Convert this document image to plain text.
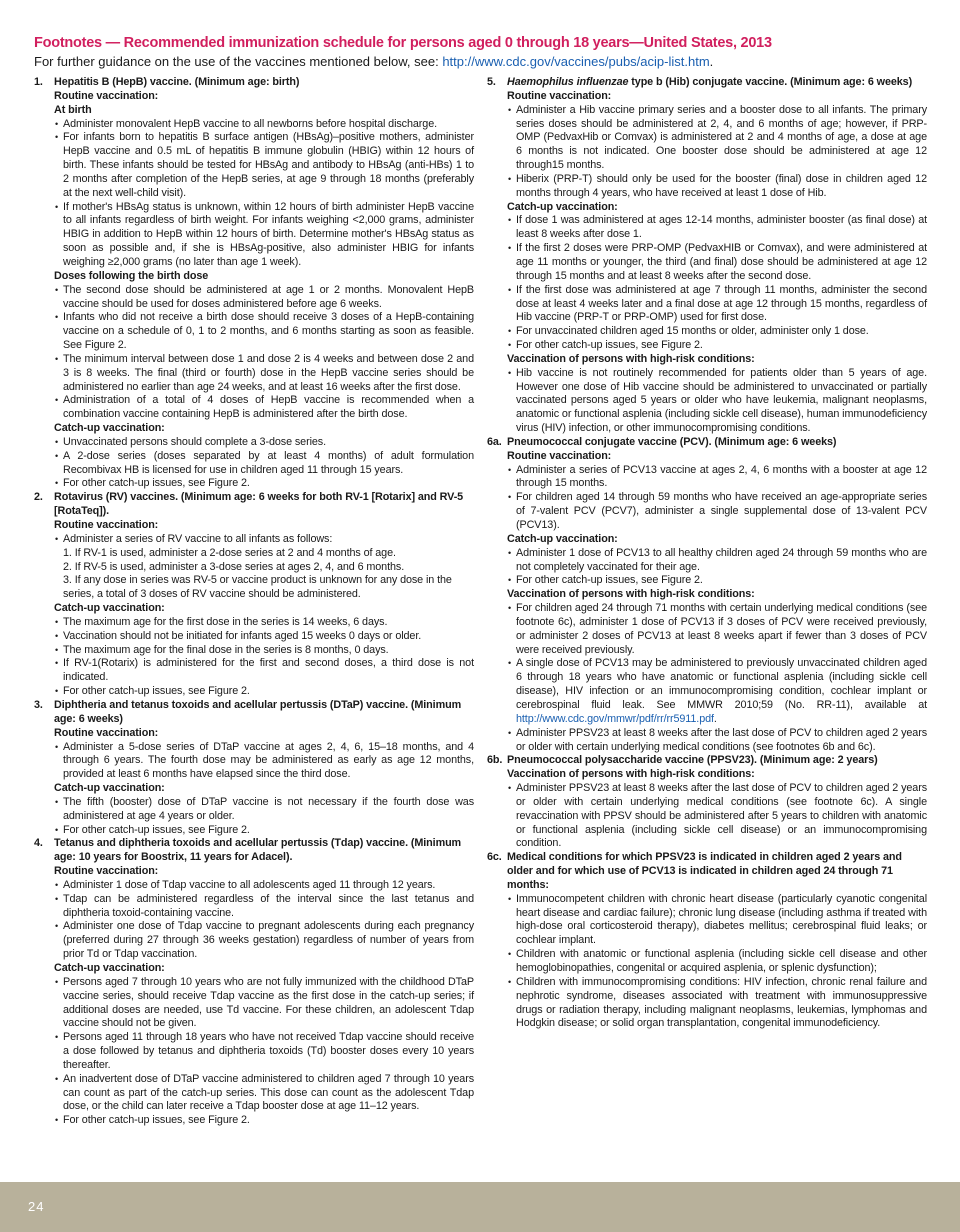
Footnotes — Recommended immunization schedule for persons aged 0 through 18 years—United States, 2013
For further guidance on the use of the vaccines mentioned below, see: http://www.cdc.gov/vaccines/pubs/acip-list.htm.
1. Hepatitis B (HepB) vaccine. (Minimum age: birth)
Routine vaccination:
At birth
• Administer monovalent HepB vaccine to all newborns before hospital discharge.
• For infants born to hepatitis B surface antigen (HBsAg)–positive mothers, administer HepB vaccine and 0.5 mL of hepatitis B immune globulin (HBIG) within 12 hours of birth. These infants should be tested for HBsAg and antibody to HBsAg (anti-HBs) 1 to 2 months after completion of the HepB series, at age 9 through 18 months (preferably at the next well-child visit).
• If mother's HBsAg status is unknown, within 12 hours of birth administer HepB vaccine to all infants regardless of birth weight. For infants weighing <2,000 grams, administer HBIG in addition to HepB within 12 hours of birth. Determine mother's HBsAg status as soon as possible and, if she is HBsAg-positive, also administer HBIG for infants weighing ≥2,000 grams (no later than age 1 week).
Doses following the birth dose
• The second dose should be administered at age 1 or 2 months. Monovalent HepB vaccine should be used for doses administered before age 6 weeks.
• Infants who did not receive a birth dose should receive 3 doses of a HepB-containing vaccine on a schedule of 0, 1 to 2 months, and 6 months starting as soon as feasible. See Figure 2.
• The minimum interval between dose 1 and dose 2 is 4 weeks and between dose 2 and 3 is 8 weeks. The final (third or fourth) dose in the HepB vaccine series should be administered no earlier than age 24 weeks, and at least 16 weeks after the first dose.
• Administration of a total of 4 doses of HepB vaccine is recommended when a combination vaccine containing HepB is administered after the birth dose.
Catch-up vaccination:
• Unvaccinated persons should complete a 3-dose series.
• A 2-dose series (doses separated by at least 4 months) of adult formulation Recombivax HB is licensed for use in children aged 11 through 15 years.
• For other catch-up issues, see Figure 2.
2. Rotavirus (RV) vaccines. (Minimum age: 6 weeks for both RV-1 [Rotarix] and RV-5 [RotaTeq]).
Routine vaccination:
• Administer a series of RV vaccine to all infants as follows:
1. If RV-1 is used, administer a 2-dose series at 2 and 4 months of age.
2. If RV-5 is used, administer a 3-dose series at ages 2, 4, and 6 months.
3. If any dose in series was RV-5 or vaccine product is unknown for any dose in the series, a total of 3 doses of RV vaccine should be administered.
Catch-up vaccination:
• The maximum age for the first dose in the series is 14 weeks, 6 days.
• Vaccination should not be initiated for infants aged 15 weeks 0 days or older.
• The maximum age for the final dose in the series is 8 months, 0 days.
• If RV-1(Rotarix) is administered for the first and second doses, a third dose is not indicated.
• For other catch-up issues, see Figure 2.
3. Diphtheria and tetanus toxoids and acellular pertussis (DTaP) vaccine. (Minimum age: 6 weeks)
Routine vaccination:
• Administer a 5-dose series of DTaP vaccine at ages 2, 4, 6, 15–18 months, and 4 through 6 years. The fourth dose may be administered as early as age 12 months, provided at least 6 months have elapsed since the third dose.
Catch-up vaccination:
• The fifth (booster) dose of DTaP vaccine is not necessary if the fourth dose was administered at age 4 years or older.
• For other catch-up issues, see Figure 2.
4. Tetanus and diphtheria toxoids and acellular pertussis (Tdap) vaccine. (Minimum age: 10 years for Boostrix, 11 years for Adacel).
Routine vaccination:
• Administer 1 dose of Tdap vaccine to all adolescents aged 11 through 12 years.
• Tdap can be administered regardless of the interval since the last tetanus and diphtheria toxoid-containing vaccine.
• Administer one dose of Tdap vaccine to pregnant adolescents during each pregnancy (preferred during 27 through 36 weeks gestation) regardless of number of years from prior Td or Tdap vaccination.
Catch-up vaccination:
• Persons aged 7 through 10 years who are not fully immunized with the childhood DTaP vaccine series, should receive Tdap vaccine as the first dose in the catch-up series; if additional doses are needed, use Td vaccine. For these children, an adolescent Tdap vaccine should not be given.
• Persons aged 11 through 18 years who have not received Tdap vaccine should receive a dose followed by tetanus and diphtheria toxoids (Td) booster doses every 10 years thereafter.
• An inadvertent dose of DTaP vaccine administered to children aged 7 through 10 years can count as part of the catch-up series. This dose can count as the adolescent Tdap dose, or the child can later receive a Tdap booster dose at age 11–12 years.
• For other catch-up issues, see Figure 2.
5. Haemophilus influenzae type b (Hib) conjugate vaccine. (Minimum age: 6 weeks)
Routine vaccination:
• Administer a Hib vaccine primary series and a booster dose to all infants. The primary series doses should be administered at 2, 4, and 6 months of age; however, if PRP-OMP (PedvaxHib or Comvax) is administered at 2 and 4 months of age, a dose at age 6 months is not indicated. One booster dose should be administered at age 12 through15 months.
• Hiberix (PRP-T) should only be used for the booster (final) dose in children aged 12 months through 4 years, who have received at least 1 dose of Hib.
Catch-up vaccination:
• If dose 1 was administered at ages 12-14 months, administer booster (as final dose) at least 8 weeks after dose 1.
• If the first 2 doses were PRP-OMP (PedvaxHIB or Comvax), and were administered at age 11 months or younger, the third (and final) dose should be administered at age 12 through 15 months and at least 8 weeks after the second dose.
• If the first dose was administered at age 7 through 11 months, administer the second dose at least 4 weeks later and a final dose at age 12 through 15 months, regardless of Hib vaccine (PRP-T or PRP-OMP) used for first dose.
• For unvaccinated children aged 15 months or older, administer only 1 dose.
• For other catch-up issues, see Figure 2.
Vaccination of persons with high-risk conditions:
• Hib vaccine is not routinely recommended for patients older than 5 years of age. However one dose of Hib vaccine should be administered to unvaccinated or partially vaccinated persons aged 5 years or older who have leukemia, malignant neoplasms, anatomic or functional asplenia (including sickle cell disease), human immunodeficiency virus (HIV) infection, or other immunocompromising conditions.
6a. Pneumococcal conjugate vaccine (PCV). (Minimum age: 6 weeks)
Routine vaccination:
• Administer a series of PCV13 vaccine at ages 2, 4, 6 months with a booster at age 12 through 15 months.
• For children aged 14 through 59 months who have received an age-appropriate series of 7-valent PCV (PCV7), administer a single supplemental dose of 13-valent PCV (PCV13).
Catch-up vaccination:
• Administer 1 dose of PCV13 to all healthy children aged 24 through 59 months who are not completely vaccinated for their age.
• For other catch-up issues, see Figure 2.
Vaccination of persons with high-risk conditions:
• For children aged 24 through 71 months with certain underlying medical conditions (see footnote 6c), administer 1 dose of PCV13 if 3 doses of PCV were received previously, or administer 2 doses of PCV13 at least 8 weeks apart if fewer than 3 doses of PCV were received previously.
• A single dose of PCV13 may be administered to previously unvaccinated children aged 6 through 18 years who have anatomic or functional asplenia (including sickle cell disease), HIV infection or an immunocompromising condition, cochlear implant or cerebrospinal fluid leak. See MMWR 2010;59 (No. RR-11), available at http://www.cdc.gov/mmwr/pdf/rr/rr5911.pdf.
• Administer PPSV23 at least 8 weeks after the last dose of PCV to children aged 2 years or older with certain underlying medical conditions (see footnotes 6b and 6c).
6b. Pneumococcal polysaccharide vaccine (PPSV23). (Minimum age: 2 years)
Vaccination of persons with high-risk conditions:
• Administer PPSV23 at least 8 weeks after the last dose of PCV to children aged 2 years or older with certain underlying medical conditions (see footnote 6c). A single revaccination with PPSV should be administered after 5 years to children with anatomic or functional asplenia (including sickle cell disease) or an immunocompromising condition.
6c. Medical conditions for which PPSV23 is indicated in children aged 2 years and older and for which use of PCV13 is indicated in children aged 24 through 71 months:
• Immunocompetent children with chronic heart disease (particularly cyanotic congenital heart disease and cardiac failure); chronic lung disease (including asthma if treated with high-dose oral corticosteroid therapy), diabetes mellitus; cerebrospinal fluid leaks; or cochlear implant.
• Children with anatomic or functional asplenia (including sickle cell disease and other hemoglobinopathies, congenital or acquired asplenia, or splenic dysfunction);
• Children with immunocompromising conditions: HIV infection, chronic renal failure and nephrotic syndrome, diseases associated with treatment with immunosuppressive drugs or radiation therapy, including malignant neoplasms, leukemias, lymphomas and Hodgkin disease; or solid organ transplantation, congenital immunodeficiency.
24
